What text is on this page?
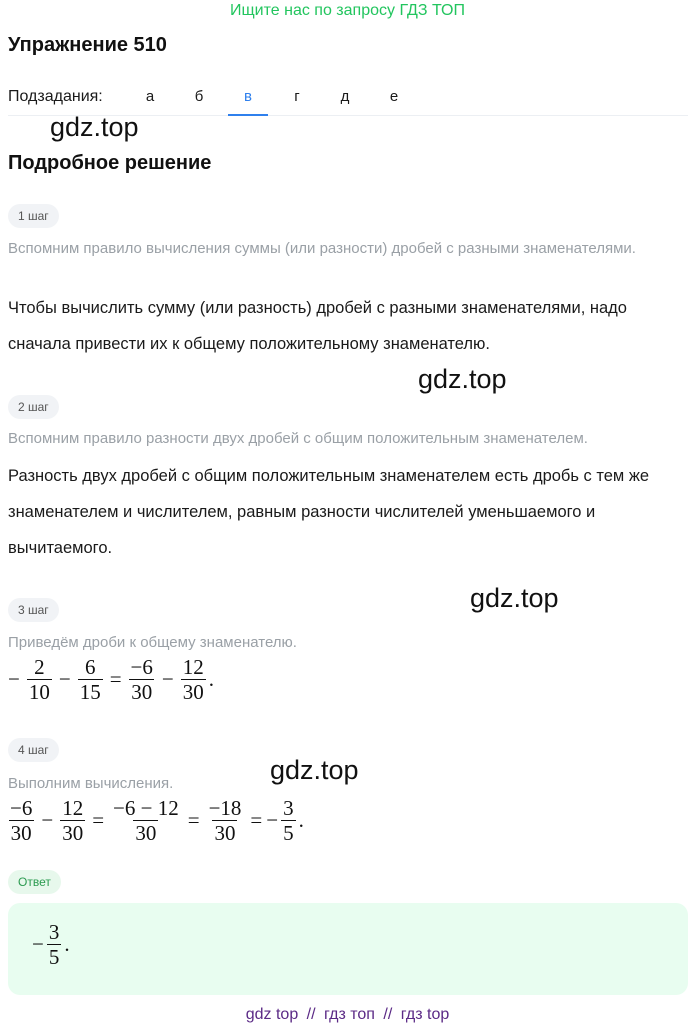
Ищите нас по запросу ГДЗ ТОП
Упражнение 510
Подзадания:	а	б	в	г	д	е
gdz.top
gdz.top
gdz.top
gdz.top
Подробное решение
1 шаг
Вспомним правило вычисления суммы (или разности) дробей с разными знаменателями.
Чтобы вычислить сумму (или разность) дробей с разными знаменателями, надо сначала привести их к общему положительному знаменателю.
2 шаг
Вспомним правило разности двух дробей с общим положительным знаменателем.
Разность двух дробей с общим положительным знаменателем есть дробь с тем же знаменателем и числителем, равным разности числителей уменьшаемого и вычитаемого.
3 шаг
Приведём дроби к общему знаменателю.
− $\frac{2}{10} - \frac{6}{15} = \frac{-6}{30} - \frac{12}{30}$ .
4 шаг
Выполним вычисления.
$\frac{-6}{30} - \frac{12}{30} = \frac{-6 - 12}{30} = \frac{-18}{30}$ = − $\frac{3}{5}$ .
Ответ
− $\frac{3}{5}$ .
gdz top // гдз топ // гдз top
